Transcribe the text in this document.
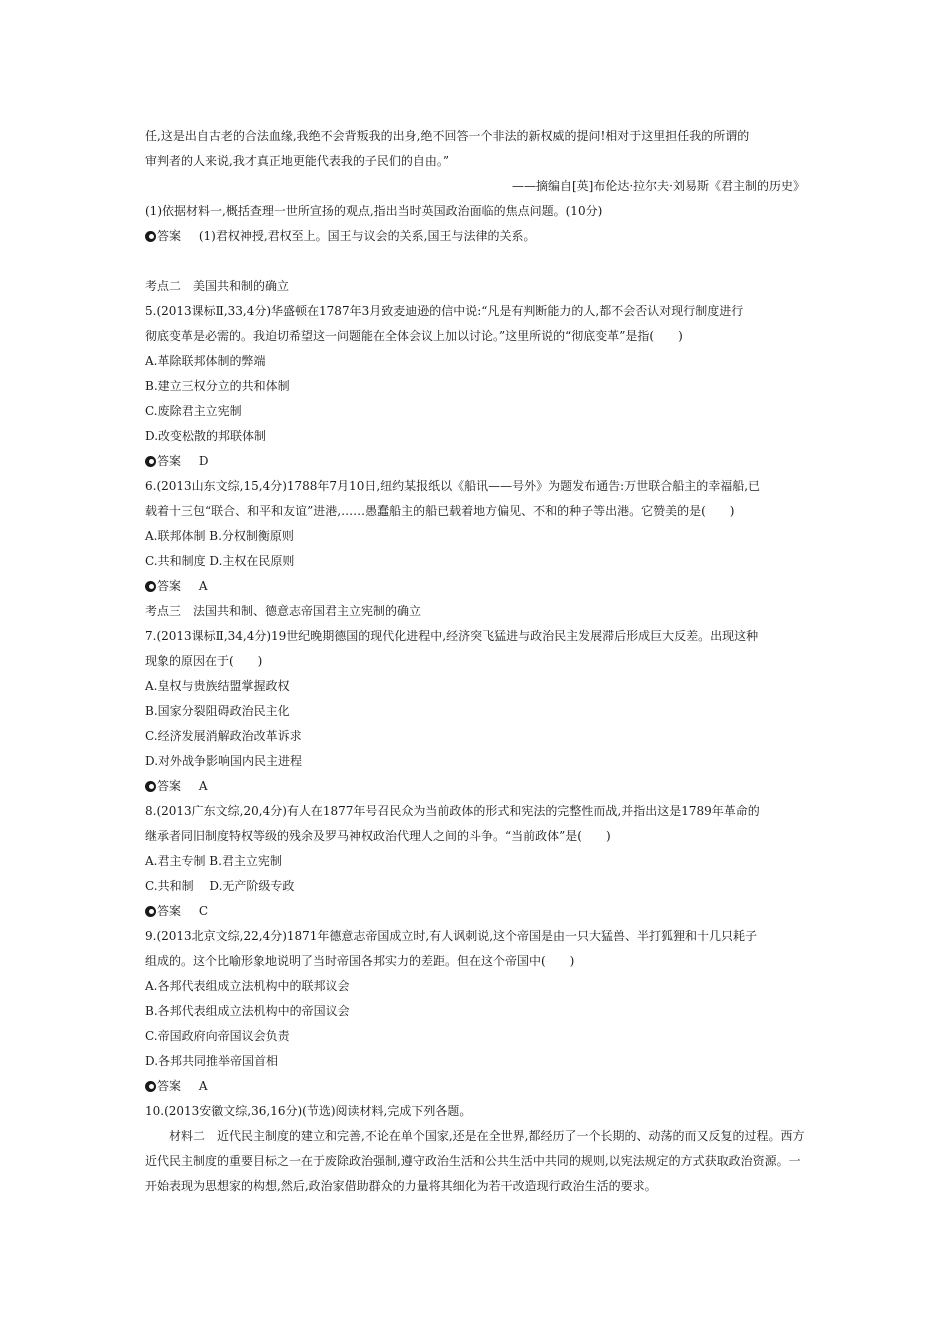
任,这是出自古老的合法血缘,我绝不会背叛我的出身,绝不回答一个非法的新权威的提问!相对于这里担任我的所谓的
审判者的人来说,我才真正地更能代表我的子民们的自由。”
——摘编自[英]布伦达·拉尔夫·刘易斯《君主制的历史》
(1)依据材料一,概括查理一世所宣扬的观点,指出当时英国政治面临的焦点问题。(10分)
答案 (1)君权神授,君权至上。国王与议会的关系,国王与法律的关系。
考点二　美国共和制的确立
5.(2013课标Ⅱ,33,4分)华盛顿在1787年3月致麦迪逊的信中说:“凡是有判断能力的人,都不会否认对现行制度进行
彻底变革是必需的。我迫切希望这一问题能在全体会议上加以讨论。”这里所说的“彻底变革”是指(　　)
A.革除联邦体制的弊端
B.建立三权分立的共和体制
C.废除君主立宪制
D.改变松散的邦联体制
答案 D
6.(2013山东文综,15,4分)1788年7月10日,纽约某报纸以《船讯——号外》为题发布通告:万世联合船主的幸福船,已
载着十三包“联合、和平和友谊”进港,……愚蠢船主的船已载着地方偏见、不和的种子等出港。它赞美的是(　　)
A.联邦体制 B.分权制衡原则
C.共和制度 D.主权在民原则
答案 A
考点三　法国共和制、德意志帝国君主立宪制的确立
7.(2013课标Ⅱ,34,4分)19世纪晚期德国的现代化进程中,经济突飞猛进与政治民主发展滞后形成巨大反差。出现这种
现象的原因在于(　　)
A.皇权与贵族结盟掌握政权
B.国家分裂阻碍政治民主化
C.经济发展消解政治改革诉求
D.对外战争影响国内民主进程
答案 A
8.(2013广东文综,20,4分)有人在1877年号召民众为当前政体的形式和宪法的完整性而战,并指出这是1789年革命的
继承者同旧制度特权等级的残余及罗马神权政治代理人之间的斗争。“当前政体”是(　　)
A.君主专制 B.君主立宪制
C.共和制　 D.无产阶级专政
答案 C
9.(2013北京文综,22,4分)1871年德意志帝国成立时,有人讽刺说,这个帝国是由一只大猛兽、半打狐狸和十几只耗子
组成的。这个比喻形象地说明了当时帝国各邦实力的差距。但在这个帝国中(　　)
A.各邦代表组成立法机构中的联邦议会
B.各邦代表组成立法机构中的帝国议会
C.帝国政府向帝国议会负责
D.各邦共同推举帝国首相
答案 A
10.(2013安徽文综,36,16分)(节选)阅读材料,完成下列各题。
材料二　近代民主制度的建立和完善,不论在单个国家,还是在全世界,都经历了一个长期的、动荡的而又反复的过程。西方近代民主制度的重要目标之一在于废除政治强制,遵守政治生活和公共生活中共同的规则,以宪法规定的方式获取政治资源。一开始表现为思想家的构想,然后,政治家借助群众的力量将其细化为若干改造现行政治生活的要求。
